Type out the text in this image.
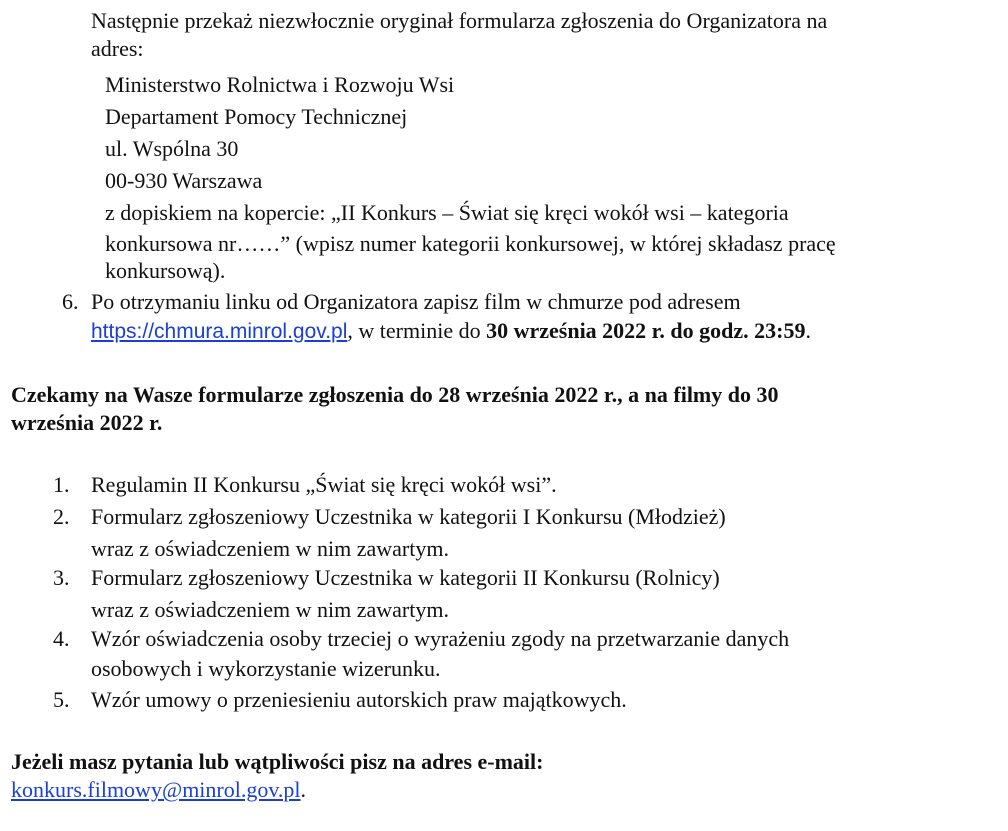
Następnie przekaż niezwłocznie oryginał formularza zgłoszenia do Organizatora na
adres:
Ministerstwo Rolnictwa i Rozwoju Wsi
Departament Pomocy Technicznej
ul. Wspólna 30
00-930 Warszawa
z dopiskiem na kopercie: „II Konkurs – Świat się kręci wokół wsi – kategoria
konkursowa nr……” (wpisz numer kategorii konkursowej, w której składasz pracę
konkursową).
6. Po otrzymaniu linku od Organizatora zapisz film w chmurze pod adresem
https://chmura.minrol.gov.pl, w terminie do 30 września 2022 r. do godz. 23:59.
Czekamy na Wasze formularze zgłoszenia do 28 września 2022 r., a na filmy do 30
września 2022 r.
1. Regulamin II Konkursu „Świat się kręci wokół wsi”.
2. Formularz zgłoszeniowy Uczestnika w kategorii I Konkursu (Młodzież)
wraz z oświadczeniem w nim zawartym.
3. Formularz zgłoszeniowy Uczestnika w kategorii II Konkursu (Rolnicy)
wraz z oświadczeniem w nim zawartym.
4. Wzór oświadczenia osoby trzeciej o wyrażeniu zgody na przetwarzanie danych
osobowych i wykorzystanie wizerunku.
5. Wzór umowy o przeniesieniu autorskich praw majątkowych.
Jeżeli masz pytania lub wątpliwości pisz na adres e-mail:
konkurs.filmowy@minrol.gov.pl.
